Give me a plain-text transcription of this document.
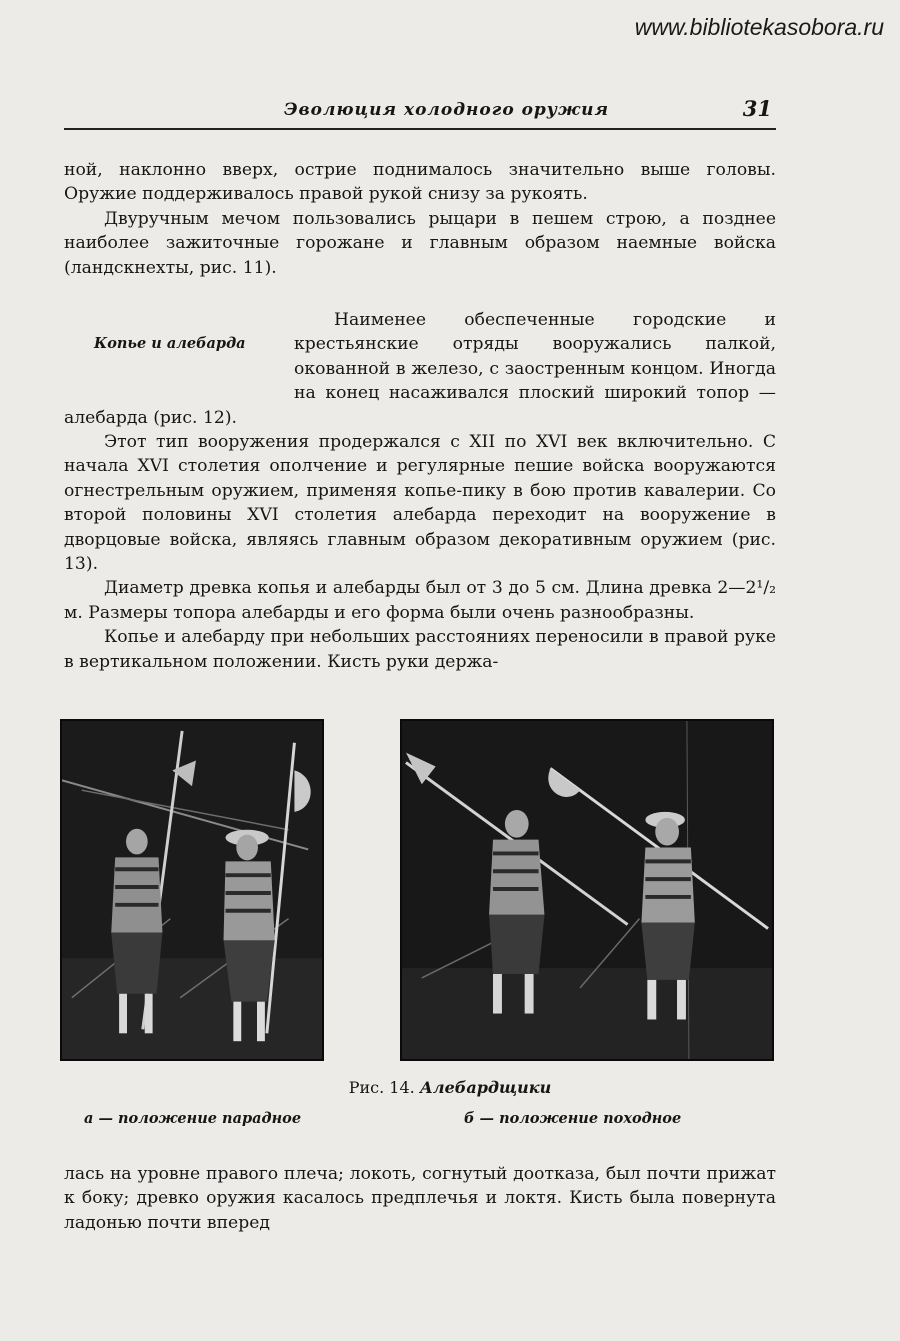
www.bibliotekasobora.ru
Эволюция холодного оружия	31

ной, наклонно вверх, острие поднималось значительно выше головы. Оружие поддерживалось правой рукой снизу за рукоять.

Двуручным мечом пользовались рыцари в пешем строю, а позднее наиболее зажиточные горожане и главным образом наемные войска (ландскнехты, рис. 11).

Копье и алебарда

Наименее обеспеченные городские и крестьянские отряды вооружались палкой, окованной в железо, с заостренным концом. Иногда на конец насаживался плоский широкий топор — алебарда (рис. 12).

Этот тип вооружения продержался с XII по XVI век включительно. С начала XVI столетия ополчение и регулярные пешие войска вооружаются огнестрельным оружием, применяя копье-пику в бою против кавалерии. Со второй половины XVI столетия алебарда переходит на вооружение в дворцовые войска, являясь главным образом декоративным оружием (рис. 13).

Диаметр древка копья и алебарды был от 3 до 5 см. Длина древка 2—2¹/₂ м. Размеры топора алебарды и его форма были очень разнообразны.

Копье и алебарду при небольших расстояниях переносили в правой руке в вертикальном положении. Кисть руки держа-

Рис. 14. Алебардщики
а — положение парадное	б — положение походное

лась на уровне правого плеча; локоть, согнутый доотказа, был почти прижат к боку; древко оружия касалось предплечья и локтя. Кисть была повернута ладонью почти вперед
